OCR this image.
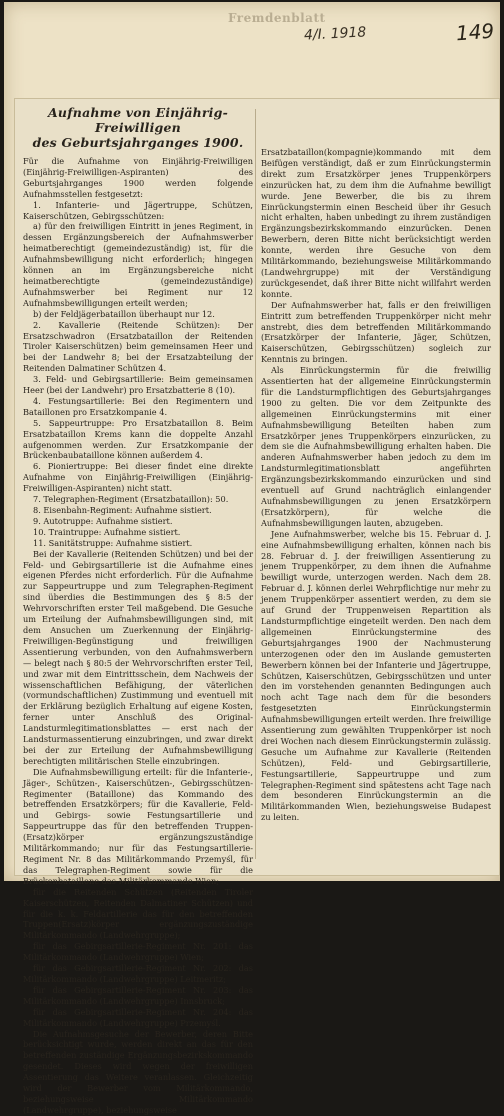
Fremdenblatt
4/I. 1918	149
Aufnahme von Einjährig-Freiwilligen
des Geburtsjahrganges 1900.

Für die Aufnahme von Einjährig-Freiwilligen (Einjährig-Freiwilligen-Aspiranten) des Geburtsjahrganges 1900 werden folgende Aufnahmsstellen festgesetzt:

1. Infanterie- und Jägertruppe, Schützen, Kaiserschützen, Gebirgsschützen:

a) für den freiwilligen Eintritt in jenes Regiment, in dessen Ergänzungsbereich der Aufnahmswerber heimatberechtigt (gemeindezuständig) ist, für die Aufnahmsbewilligung nicht erforderlich; hingegen können an im Ergänzungsbereiche nicht heimatberechtigte (gemeindezuständige) Aufnahmswerber bei Regiment nur 12 Aufnahmsbewilligungen erteilt werden;

b) der Feldjägerbataillon überhaupt nur 12.

2. Kavallerie (Reitende Schützen): Der Ersatzschwadron (Ersatzbataillon der Reitenden Tiroler Kaiserschützen) beim gemeinsamen Heer und bei der Landwehr 8; bei der Ersatzabteilung der Reitenden Dalmatiner Schützen 4.

3. Feld- und Gebirgsartillerie: Beim gemeinsamen Heer (bei der Landwehr) pro Ersatzbatterie 8 (10).

4. Festungsartillerie: Bei den Regimentern und Bataillonen pro Ersatzkompanie 4.

5. Sappeurtruppe: Pro Ersatzbataillon 8. Beim Ersatzbataillon Krems kann die doppelte Anzahl aufgenommen werden. Zur Ersatzkompanie der Brückenbaubataillone können außerdem 4.

6. Pioniertruppe: Bei dieser findet eine direkte Aufnahme von Einjährig-Freiwilligen (Einjährig-Freiwilligen-Aspiranten) nicht statt.

7. Telegraphen-Regiment (Ersatzbataillon): 50.

8. Eisenbahn-Regiment: Aufnahme sistiert.

9. Autotruppe: Aufnahme sistiert.

10. Traintruppe: Aufnahme sistiert.

11. Sanitätstruppe: Aufnahme sistiert.

Bei der Kavallerie (Reitenden Schützen) und bei der Feld- und Gebirgsartillerie ist die Aufnahme eines eigenen Pferdes nicht erforderlich. Für die Aufnahme zur Sappeurtruppe und zum Telegraphen-Regiment sind überdies die Bestimmungen des § 8:5 der Wehrvorschriften erster Teil maßgebend. Die Gesuche um Erteilung der Aufnahmsbewilligungen sind, mit dem Ansuchen um Zuerkennung der Einjährig-Freiwilligen-Begünstigung und freiwilligen Assentierung verbunden, von den Aufnahmswerbern — belegt nach § 80:5 der Wehrvorschriften erster Teil, und zwar mit dem Eintrittsschein, dem Nachweis der wissenschaftlichen Befähigung, der väterlichen (vormundschaftlichen) Zustimmung und eventuell mit der Erklärung bezüglich Erhaltung auf eigene Kosten, ferner unter Anschluß des Original-Landsturmlegitimationsblattes — erst nach der Landsturmassentierung einzubringen, und zwar direkt bei der zur Erteilung der Aufnahmsbewilligung berechtigten militärischen Stelle einzubringen.

Die Aufnahmsbewilligung erteilt: für die Infanterie-, Jäger-, Schützen-, Kaiserschützen-, Gebirgsschützen-Regimenter (Bataillone) das Kommando des betreffenden Ersatzkörpers; für die Kavallerie, Feld- und Gebirgs- sowie Festungsartillerie und Sappeurtruppe das für den betreffenden Truppen-(Ersatz)körper ergänzungszuständige Militärkommando; nur für das Festungsartillerie-Regiment Nr. 8 das Militärkommando Przemyśl, für das Telegraphen-Regiment sowie für die Brückenbataillone das Militärkommando Wien;

für die Reitenden Schützen (Reitenden Tiroler Kaiserschützen, Reitenden Dalmatiner Schützen) und für die k. k. Feldartillerie das für den betreffenden Truppen(Ersatz)körper ergänzungszuständige Militärkommando (Landwehrgruppe);

für das Gebirgsartillerie-Regiment Nr. 201: das Militärkommando (Landwehrgruppe) Wien;

für das Gebirgsartillerie-Regiment Nr. 202: das Militärkommando (Landwehrgruppe) Leitmeritz;

für das Gebirgsartillerie-Regiment Nr. 203: das Militärkommando (Landwehrgruppe) Innsbruck;

für das Gebirgsartillerie-Regiment Nr. 204: das Militärkommando (Landwehrgruppe) Przemyśl.

Die Aufnahmsgesuche der Bewerber, deren Bitte berücksichtigt wurde, werden direkt an das für den betreffenden zuständige Ergänzungsbezirkskommando gesendet. Dieses wird wegen der freiwilligen Assentierung das Weitere veranlassen. Gleichzeitig wird der Bewerber vom Militärkommando, beziehungsweise Militärkommando (Landwehrgruppe), beziehungsweise

Ersatzbataillon(kompagnie)kommando mit dem Beifügen verständigt, daß er zum Einrückungstermin direkt zum Ersatzkörper jenes Truppenkörpers einzurücken hat, zu dem ihm die Aufnahme bewilligt wurde. Jene Bewerber, die bis zu ihrem Einrückungstermin einen Bescheid über ihr Gesuch nicht erhalten, haben unbedingt zu ihrem zuständigen Ergänzungsbezirkskommando einzurücken. Denen Bewerbern, deren Bitte nicht berücksichtigt werden konnte, werden ihre Gesuche von dem Militärkommando, beziehungsweise Militärkommando (Landwehrgruppe) mit der Verständigung zurückgesendet, daß ihrer Bitte nicht willfahrt werden konnte.

Der Aufnahmswerber hat, falls er den freiwilligen Eintritt zum betreffenden Truppenkörper nicht mehr anstrebt, dies dem betreffenden Militärkommando (Ersatzkörper der Infanterie, Jäger, Schützen, Kaiserschützen, Gebirgsschützen) sogleich zur Kenntnis zu bringen.

Als Einrückungstermin für die freiwillig Assentierten hat der allgemeine Einrückungstermin für die Landsturmpflichtigen des Geburtsjahrganges 1900 zu gelten. Die vor dem Zeitpunkte des allgemeinen Einrückungstermins mit einer Aufnahmsbewilligung Beteilten haben zum Ersatzkörper jenes Truppenkörpers einzurücken, zu dem sie die Aufnahmsbewilligung erhalten haben. Die anderen Aufnahmswerber haben jedoch zu dem im Landsturmlegitimationsblatt angeführten Ergänzungsbezirkskommando einzurücken und sind eventuell auf Grund nachträglich einlangender Aufnahmsbewilligungen zu jenen Ersatzkörpern (Ersatzkörpern), für welche die Aufnahmsbewilligungen lauten, abzugeben.

Jene Aufnahmswerber, welche bis 15. Februar d. J. eine Aufnahmsbewilligung erhalten, können nach bis 28. Februar d. J. der freiwilligen Assentierung zu jenem Truppenkörper, zu dem ihnen die Aufnahme bewilligt wurde, unterzogen werden. Nach dem 28. Februar d. J. können derlei Wehrpflichtige nur mehr zu jenem Truppenkörper assentiert werden, zu dem sie auf Grund der Truppenweisen Repartition als Landsturmpflichtige eingeteilt werden. Den nach dem allgemeinen Einrückungstermine des Geburtsjahrganges 1900 der Nachmusterung unterzogenen oder den im Auslande gemusterten Bewerbern können bei der Infanterie und Jägertruppe, Schützen, Kaiserschützen, Gebirgsschützen und unter den im vorstehenden genannten Bedingungen auch noch acht Tage nach dem für die besonders festgesetzten Einrückungstermin Aufnahmsbewilligungen erteilt werden. Ihre freiwillige Assentierung zum gewählten Truppenkörper ist noch drei Wochen nach diesem Einrückungstermin zulässig. Gesuche um Aufnahme zur Kavallerie (Reitenden Schützen), Feld- und Gebirgsartillerie, Festungsartillerie, Sappeurtruppe und zum Telegraphen-Regiment sind spätestens acht Tage nach dem besonderen Einrückungstermin an die Militärkommanden Wien, beziehungsweise Budapest zu leiten.
